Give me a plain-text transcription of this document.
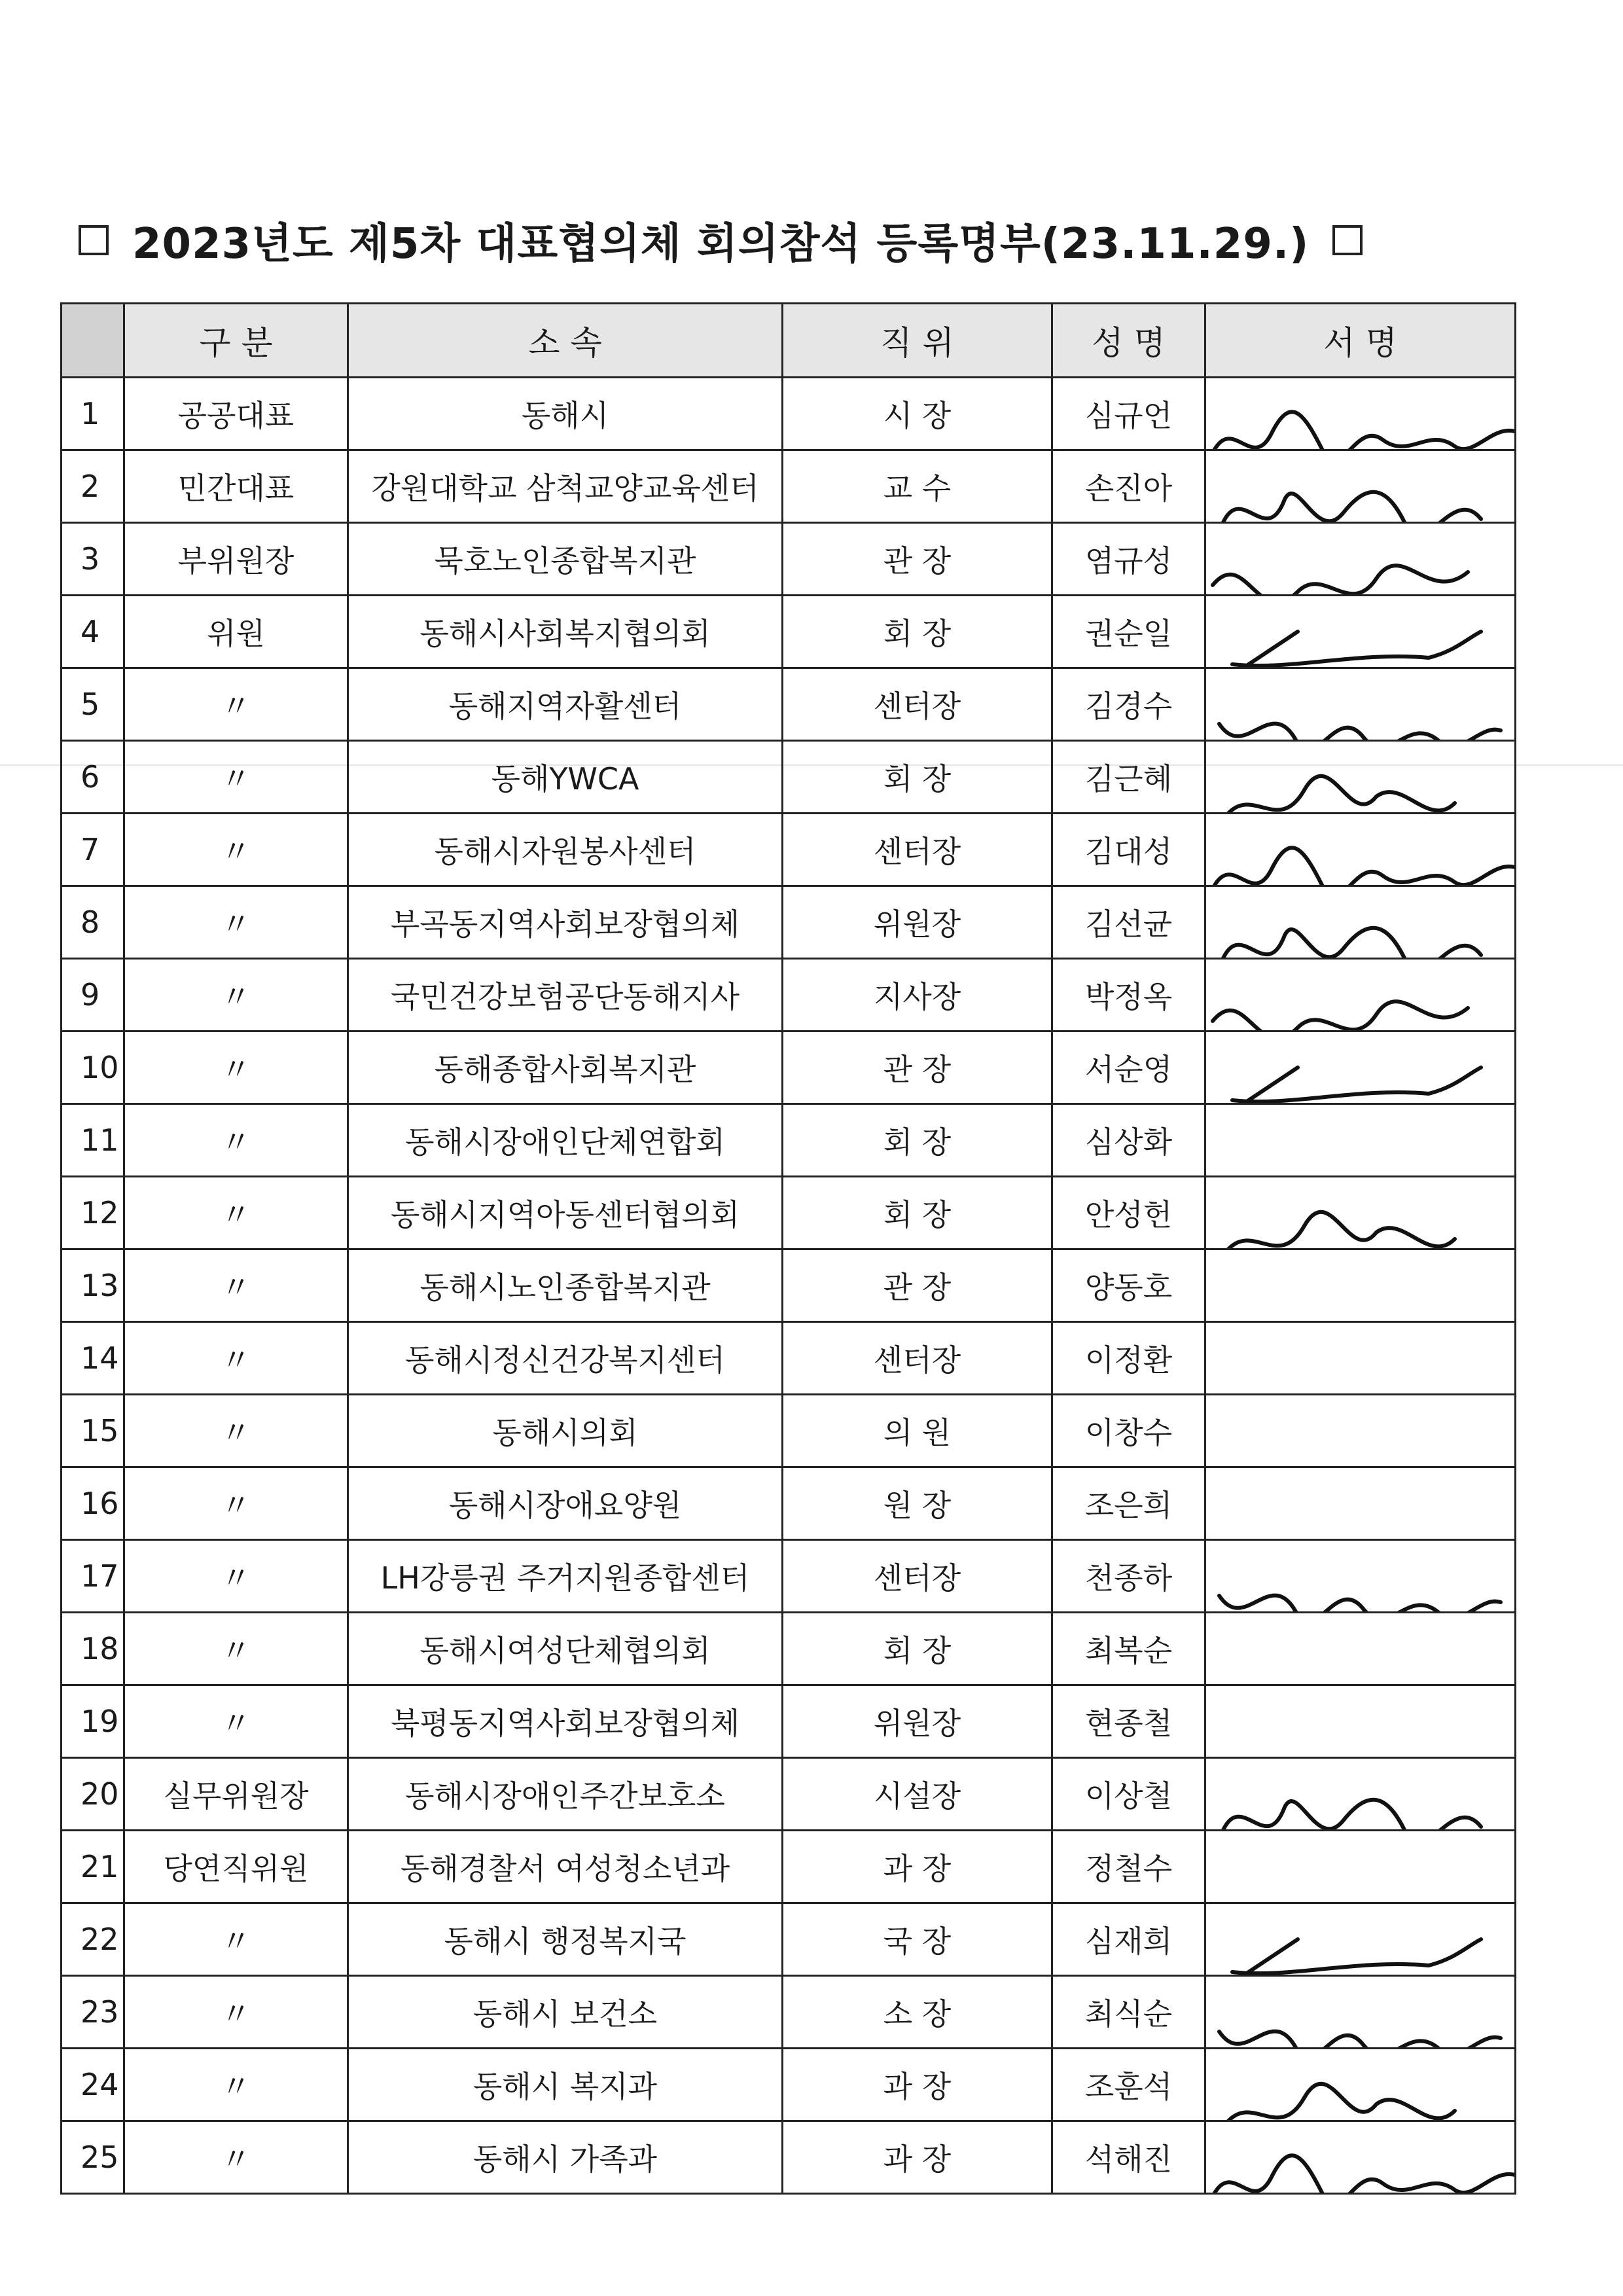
2023년도 제5차 대표협의체 회의참석 등록명부(23.11.29.)
	구 분	소 속	직 위	성 명	서 명
1	공공대표	동해시	시 장	심규언	

2	민간대표	강원대학교 삼척교양교육센터	교 수	손진아	

3	부위원장	묵호노인종합복지관	관 장	염규성	

4	위원	동해시사회복지협의회	회 장	권순일	

5	〃	동해지역자활센터	센터장	김경수	

6	〃	동해YWCA	회 장	김근혜	

7	〃	동해시자원봉사센터	센터장	김대성	

8	〃	부곡동지역사회보장협의체	위원장	김선균	

9	〃	국민건강보험공단동해지사	지사장	박정옥	

10	〃	동해종합사회복지관	관 장	서순영	

11	〃	동해시장애인단체연합회	회 장	심상화	
12	〃	동해시지역아동센터협의회	회 장	안성헌	

13	〃	동해시노인종합복지관	관 장	양동호	
14	〃	동해시정신건강복지센터	센터장	이정환	
15	〃	동해시의회	의 원	이창수	
16	〃	동해시장애요양원	원 장	조은희	
17	〃	LH강릉권 주거지원종합센터	센터장	천종하	

18	〃	동해시여성단체협의회	회 장	최복순	
19	〃	북평동지역사회보장협의체	위원장	현종철	
20	실무위원장	동해시장애인주간보호소	시설장	이상철	

21	당연직위원	동해경찰서 여성청소년과	과 장	정철수	
22	〃	동해시 행정복지국	국 장	심재희	

23	〃	동해시 보건소	소 장	최식순	

24	〃	동해시 복지과	과 장	조훈석	

25	〃	동해시 가족과	과 장	석해진	
